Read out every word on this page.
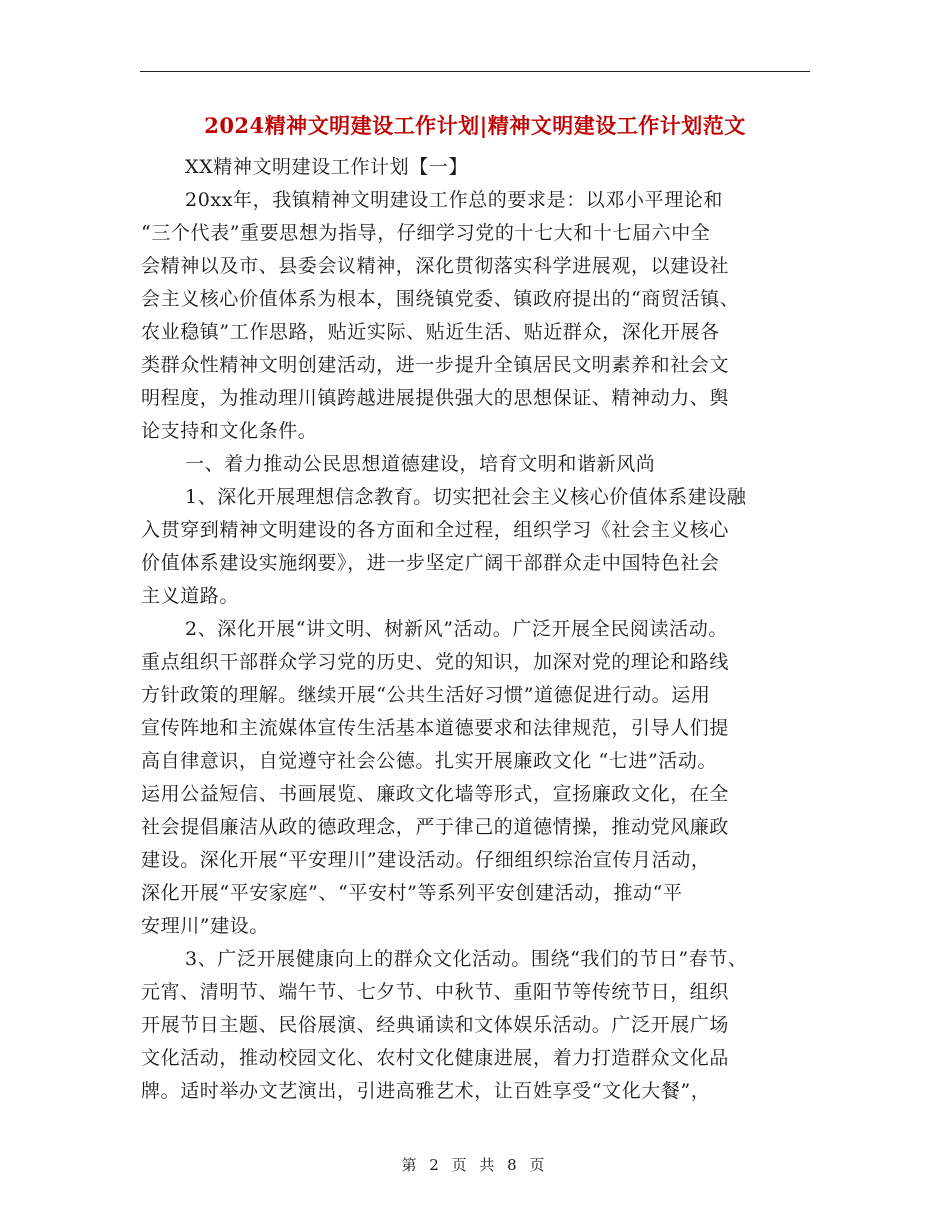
2024精神文明建设工作计划|精神文明建设工作计划范文
XX精神文明建设工作计划【一】
20xx年，我镇精神文明建设工作总的要求是：以邓小平理论和
“三个代表”重要思想为指导，仔细学习党的十七大和十七届六中全
会精神以及市、县委会议精神，深化贯彻落实科学进展观，以建设社
会主义核心价值体系为根本，围绕镇党委、镇政府提出的“商贸活镇、
农业稳镇”工作思路，贴近实际、贴近生活、贴近群众，深化开展各
类群众性精神文明创建活动，进一步提升全镇居民文明素养和社会文
明程度，为推动理川镇跨越进展提供强大的思想保证、精神动力、舆
论支持和文化条件。
一、着力推动公民思想道德建设，培育文明和谐新风尚
1、深化开展理想信念教育。切实把社会主义核心价值体系建设融
入贯穿到精神文明建设的各方面和全过程，组织学习《社会主义核心
价值体系建设实施纲要》，进一步坚定广阔干部群众走中国特色社会
主义道路。
2、深化开展“讲文明、树新风”活动。广泛开展全民阅读活动。
重点组织干部群众学习党的历史、党的知识，加深对党的理论和路线
方针政策的理解。继续开展“公共生活好习惯”道德促进行动。运用
宣传阵地和主流媒体宣传生活基本道德要求和法律规范，引导人们提
高自律意识，自觉遵守社会公德。扎实开展廉政文化 “七进”活动。
运用公益短信、书画展览、廉政文化墙等形式，宣扬廉政文化，在全
社会提倡廉洁从政的德政理念，严于律己的道德情操，推动党风廉政
建设。深化开展“平安理川”建设活动。仔细组织综治宣传月活动，
深化开展“平安家庭”、“平安村”等系列平安创建活动，推动“平
安理川”建设。
3、广泛开展健康向上的群众文化活动。围绕“我们的节日”春节、
元宵、清明节、端午节、七夕节、中秋节、重阳节等传统节日，组织
开展节日主题、民俗展演、经典诵读和文体娱乐活动。广泛开展广场
文化活动，推动校园文化、农村文化健康进展，着力打造群众文化品
牌。适时举办文艺演出，引进高雅艺术，让百姓享受“文化大餐”，
第 2 页 共 8 页
